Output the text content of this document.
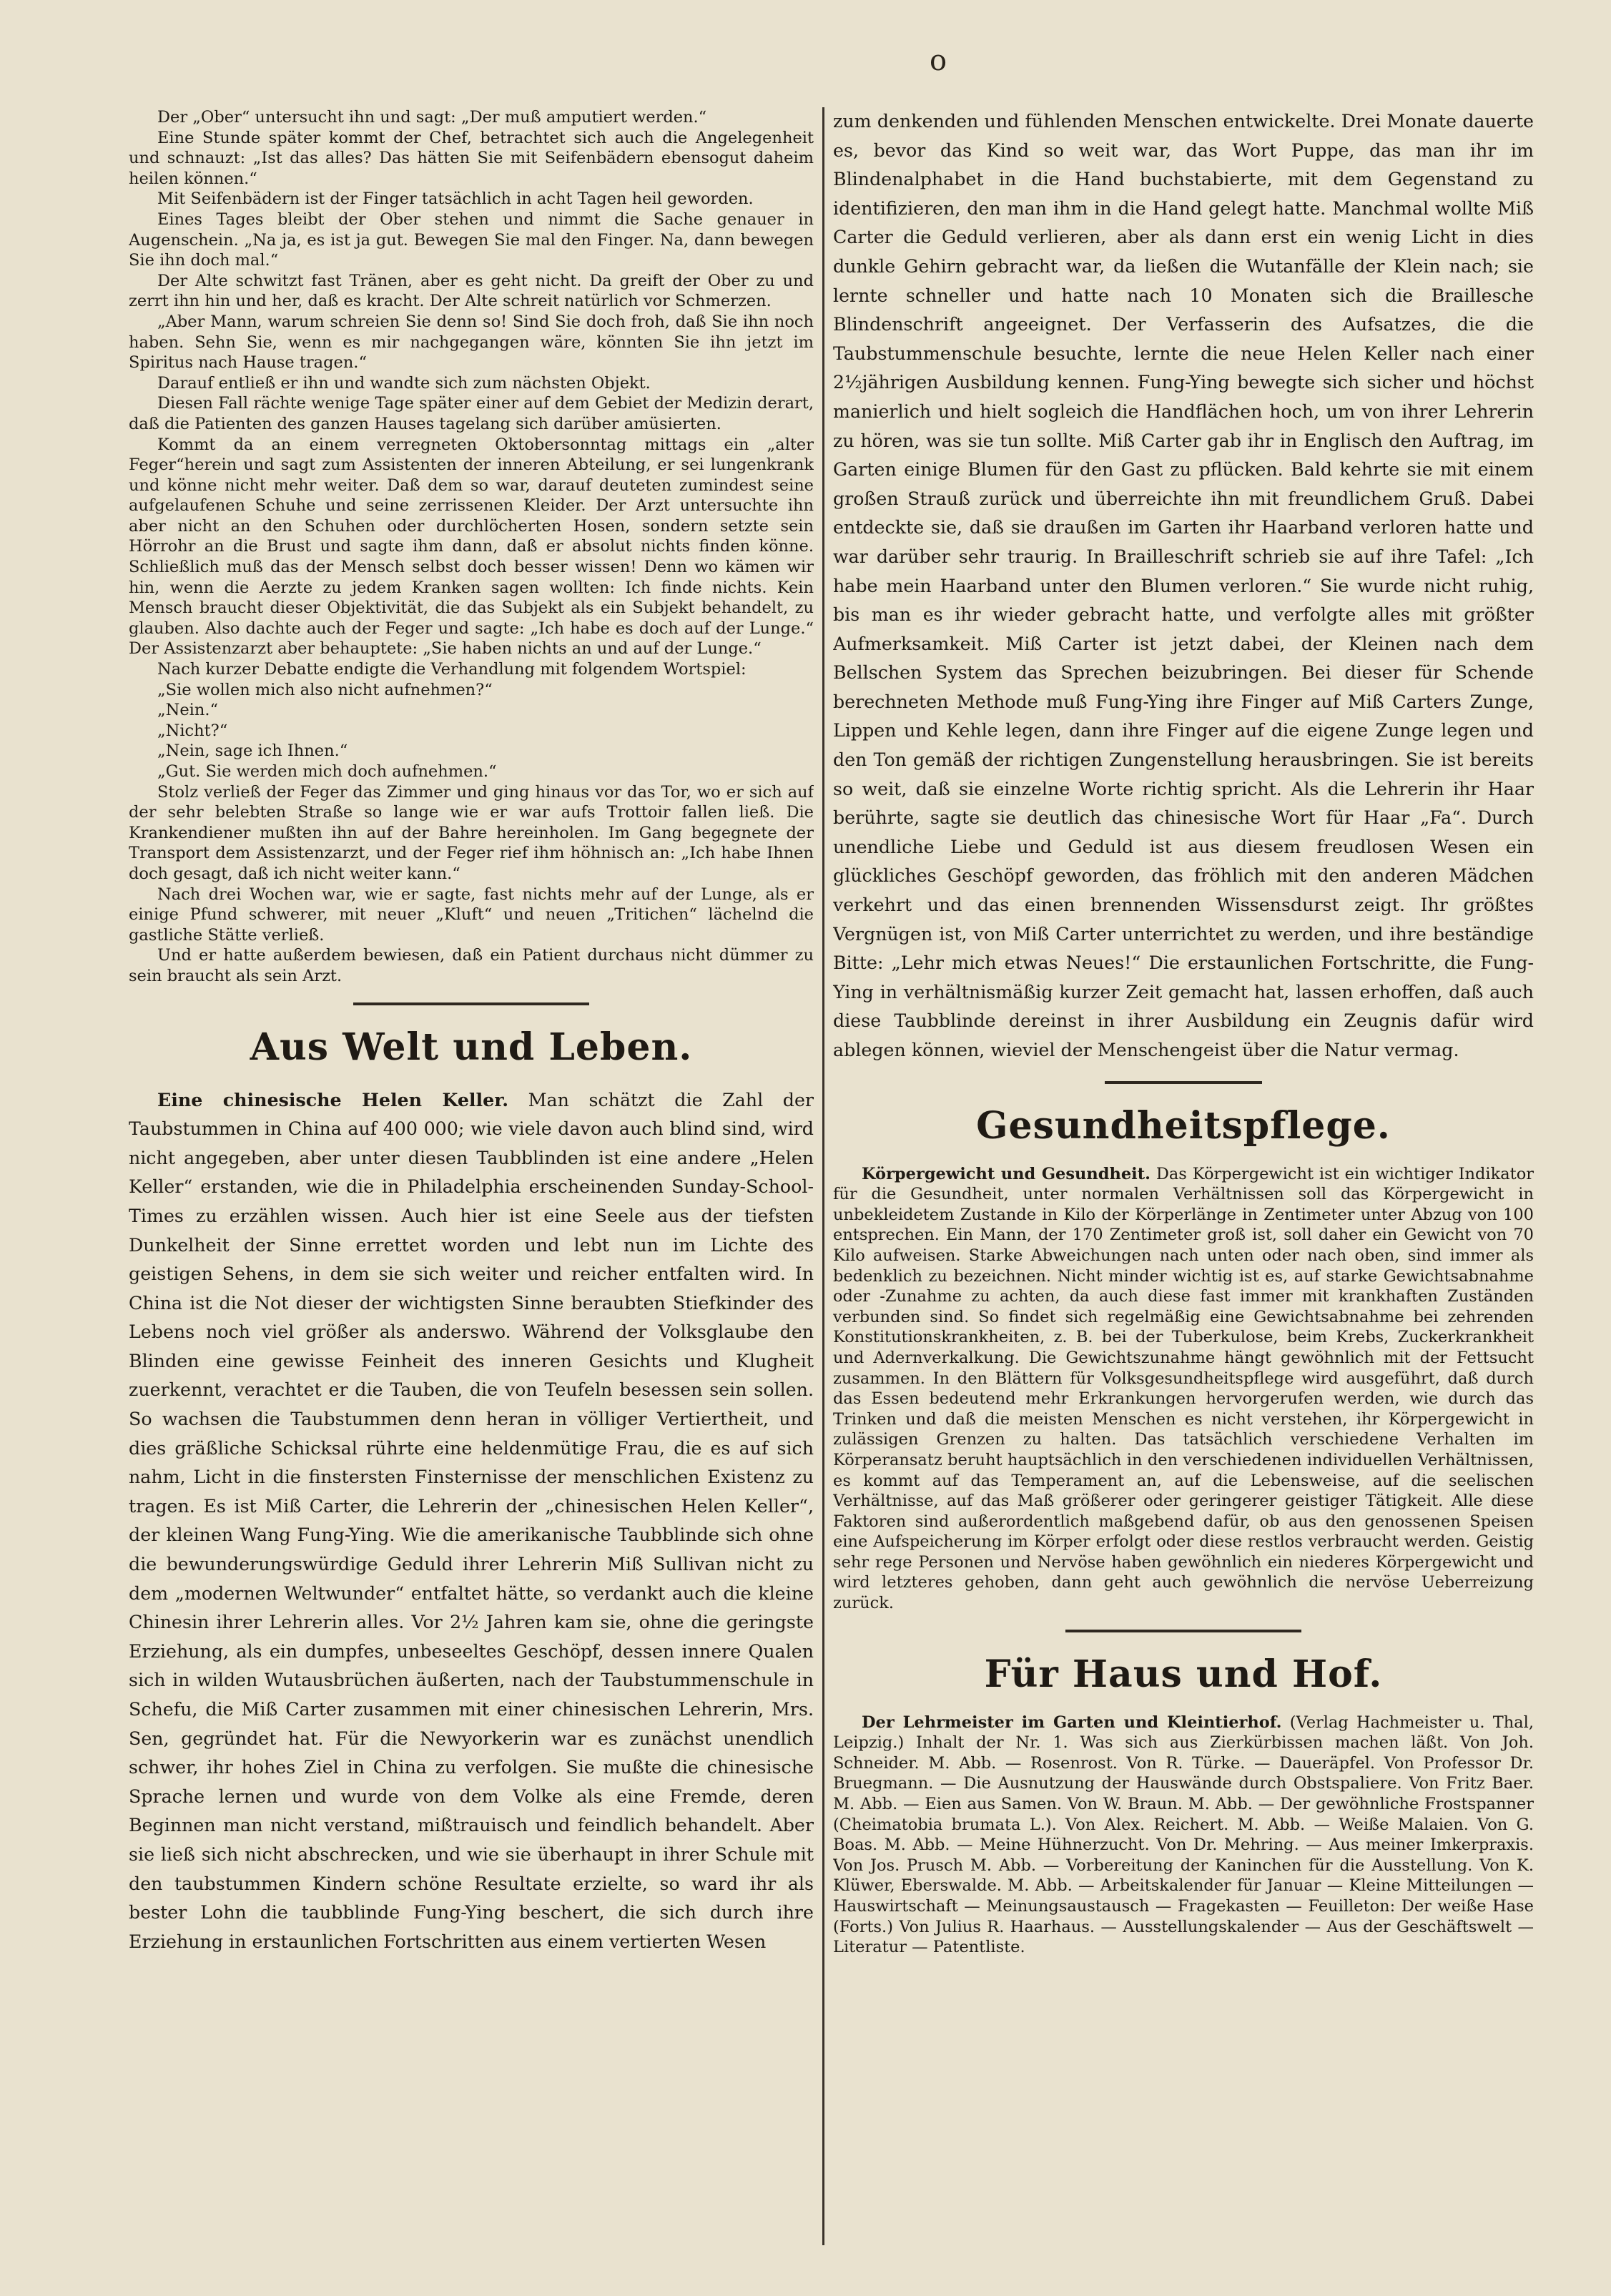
o

Der „Ober“ untersucht ihn und sagt: „Der muß amputiert werden.“

Eine Stunde später kommt der Chef, betrachtet sich auch die Angelegenheit und schnauzt: „Ist das alles? Das hätten Sie mit Seifenbädern ebensogut daheim heilen können.“

Mit Seifenbädern ist der Finger tatsächlich in acht Tagen heil geworden.

Eines Tages bleibt der Ober stehen und nimmt die Sache genauer in Augenschein. „Na ja, es ist ja gut. Bewegen Sie mal den Finger. Na, dann bewegen Sie ihn doch mal.“

Der Alte schwitzt fast Tränen, aber es geht nicht. Da greift der Ober zu und zerrt ihn hin und her, daß es kracht. Der Alte schreit natürlich vor Schmerzen.

„Aber Mann, warum schreien Sie denn so! Sind Sie doch froh, daß Sie ihn noch haben. Sehn Sie, wenn es mir nachgegangen wäre, könnten Sie ihn jetzt im Spiritus nach Hause tragen.“

Darauf entließ er ihn und wandte sich zum nächsten Objekt.

Diesen Fall rächte wenige Tage später einer auf dem Gebiet der Medizin derart, daß die Patienten des ganzen Hauses tagelang sich darüber amüsierten.

Kommt da an einem verregneten Oktobersonntag mittags ein „alter Feger“herein und sagt zum Assistenten der inneren Abteilung, er sei lungenkrank und könne nicht mehr weiter. Daß dem so war, darauf deuteten zumindest seine aufgelaufenen Schuhe und seine zerrissenen Kleider. Der Arzt untersuchte ihn aber nicht an den Schuhen oder durchlöcherten Hosen, sondern setzte sein Hörrohr an die Brust und sagte ihm dann, daß er absolut nichts finden könne. Schließlich muß das der Mensch selbst doch besser wissen! Denn wo kämen wir hin, wenn die Aerzte zu jedem Kranken sagen wollten: Ich finde nichts. Kein Mensch braucht dieser Objektivität, die das Subjekt als ein Subjekt behandelt, zu glauben. Also dachte auch der Feger und sagte: „Ich habe es doch auf der Lunge.“ Der Assistenzarzt aber behauptete: „Sie haben nichts an und auf der Lunge.“

Nach kurzer Debatte endigte die Verhandlung mit folgendem Wortspiel:

„Sie wollen mich also nicht aufnehmen?“

„Nein.“

„Nicht?“

„Nein, sage ich Ihnen.“

„Gut. Sie werden mich doch aufnehmen.“

Stolz verließ der Feger das Zimmer und ging hinaus vor das Tor, wo er sich auf der sehr belebten Straße so lange wie er war aufs Trottoir fallen ließ. Die Krankendiener mußten ihn auf der Bahre hereinholen. Im Gang begegnete der Transport dem Assistenzarzt, und der Feger rief ihm höhnisch an: „Ich habe Ihnen doch gesagt, daß ich nicht weiter kann.“

Nach drei Wochen war, wie er sagte, fast nichts mehr auf der Lunge, als er einige Pfund schwerer, mit neuer „Kluft“ und neuen „Tritichen“ lächelnd die gastliche Stätte verließ.

Und er hatte außerdem bewiesen, daß ein Patient durchaus nicht dümmer zu sein braucht als sein Arzt.

Aus Welt und Leben.

Eine chinesische Helen Keller. Man schätzt die Zahl der Taubstummen in China auf 400 000; wie viele davon auch blind sind, wird nicht angegeben, aber unter diesen Taubblinden ist eine andere „Helen Keller“ erstanden, wie die in Philadelphia erscheinenden Sunday-School-Times zu erzählen wissen. Auch hier ist eine Seele aus der tiefsten Dunkelheit der Sinne errettet worden und lebt nun im Lichte des geistigen Sehens, in dem sie sich weiter und reicher entfalten wird. In China ist die Not dieser der wichtigsten Sinne beraubten Stiefkinder des Lebens noch viel größer als anderswo. Während der Volksglaube den Blinden eine gewisse Feinheit des inneren Gesichts und Klugheit zuerkennt, verachtet er die Tauben, die von Teufeln besessen sein sollen. So wachsen die Taubstummen denn heran in völliger Vertiertheit, und dies gräßliche Schicksal rührte eine heldenmütige Frau, die es auf sich nahm, Licht in die finstersten Finsternisse der menschlichen Existenz zu tragen. Es ist Miß Carter, die Lehrerin der „chinesischen Helen Keller“, der kleinen Wang Fung-Ying. Wie die amerikanische Taubblinde sich ohne die bewunderungswürdige Geduld ihrer Lehrerin Miß Sullivan nicht zu dem „modernen Weltwunder“ entfaltet hätte, so verdankt auch die kleine Chinesin ihrer Lehrerin alles. Vor 2½ Jahren kam sie, ohne die geringste Erziehung, als ein dumpfes, unbeseeltes Geschöpf, dessen innere Qualen sich in wilden Wutausbrüchen äußerten, nach der Taubstummenschule in Schefu, die Miß Carter zusammen mit einer chinesischen Lehrerin, Mrs. Sen, gegründet hat. Für die Newyorkerin war es zunächst unendlich schwer, ihr hohes Ziel in China zu verfolgen. Sie mußte die chinesische Sprache lernen und wurde von dem Volke als eine Fremde, deren Beginnen man nicht verstand, mißtrauisch und feindlich behandelt. Aber sie ließ sich nicht abschrecken, und wie sie überhaupt in ihrer Schule mit den taubstummen Kindern schöne Resultate erzielte, so ward ihr als bester Lohn die taubblinde Fung-Ying beschert, die sich durch ihre Erziehung in erstaunlichen Fortschritten aus einem vertierten Wesen

zum denkenden und fühlenden Menschen entwickelte. Drei Monate dauerte es, bevor das Kind so weit war, das Wort Puppe, das man ihr im Blindenalphabet in die Hand buchstabierte, mit dem Gegenstand zu identifizieren, den man ihm in die Hand gelegt hatte. Manchmal wollte Miß Carter die Geduld verlieren, aber als dann erst ein wenig Licht in dies dunkle Gehirn gebracht war, da ließen die Wutanfälle der Klein nach; sie lernte schneller und hatte nach 10 Monaten sich die Braillesche Blindenschrift angeeignet. Der Verfasserin des Aufsatzes, die die Taubstummenschule besuchte, lernte die neue Helen Keller nach einer 2½jährigen Ausbildung kennen. Fung-Ying bewegte sich sicher und höchst manierlich und hielt sogleich die Handflächen hoch, um von ihrer Lehrerin zu hören, was sie tun sollte. Miß Carter gab ihr in Englisch den Auftrag, im Garten einige Blumen für den Gast zu pflücken. Bald kehrte sie mit einem großen Strauß zurück und überreichte ihn mit freundlichem Gruß. Dabei entdeckte sie, daß sie draußen im Garten ihr Haarband verloren hatte und war darüber sehr traurig. In Brailleschrift schrieb sie auf ihre Tafel: „Ich habe mein Haarband unter den Blumen verloren.“ Sie wurde nicht ruhig, bis man es ihr wieder gebracht hatte, und verfolgte alles mit größter Aufmerksamkeit. Miß Carter ist jetzt dabei, der Kleinen nach dem Bellschen System das Sprechen beizubringen. Bei dieser für Schende berechneten Methode muß Fung-Ying ihre Finger auf Miß Carters Zunge, Lippen und Kehle legen, dann ihre Finger auf die eigene Zunge legen und den Ton gemäß der richtigen Zungenstellung herausbringen. Sie ist bereits so weit, daß sie einzelne Worte richtig spricht. Als die Lehrerin ihr Haar berührte, sagte sie deutlich das chinesische Wort für Haar „Fa“. Durch unendliche Liebe und Geduld ist aus diesem freudlosen Wesen ein glückliches Geschöpf geworden, das fröhlich mit den anderen Mädchen verkehrt und das einen brennenden Wissensdurst zeigt. Ihr größtes Vergnügen ist, von Miß Carter unterrichtet zu werden, und ihre beständige Bitte: „Lehr mich etwas Neues!“ Die erstaunlichen Fortschritte, die Fung-Ying in verhältnismäßig kurzer Zeit gemacht hat, lassen erhoffen, daß auch diese Taubblinde dereinst in ihrer Ausbildung ein Zeugnis dafür wird ablegen können, wieviel der Menschengeist über die Natur vermag.

Gesundheitspflege.

Körpergewicht und Gesundheit. Das Körpergewicht ist ein wichtiger Indikator für die Gesundheit, unter normalen Verhältnissen soll das Körpergewicht in unbekleidetem Zustande in Kilo der Körperlänge in Zentimeter unter Abzug von 100 entsprechen. Ein Mann, der 170 Zentimeter groß ist, soll daher ein Gewicht von 70 Kilo aufweisen. Starke Abweichungen nach unten oder nach oben, sind immer als bedenklich zu bezeichnen. Nicht minder wichtig ist es, auf starke Gewichtsabnahme oder -Zunahme zu achten, da auch diese fast immer mit krankhaften Zuständen verbunden sind. So findet sich regelmäßig eine Gewichtsabnahme bei zehrenden Konstitutionskrankheiten, z. B. bei der Tuberkulose, beim Krebs, Zuckerkrankheit und Adernverkalkung. Die Gewichtszunahme hängt gewöhnlich mit der Fettsucht zusammen. In den Blättern für Volksgesundheitspflege wird ausgeführt, daß durch das Essen bedeutend mehr Erkrankungen hervorgerufen werden, wie durch das Trinken und daß die meisten Menschen es nicht verstehen, ihr Körpergewicht in zulässigen Grenzen zu halten. Das tatsächlich verschiedene Verhalten im Körperansatz beruht hauptsächlich in den verschiedenen individuellen Verhältnissen, es kommt auf das Temperament an, auf die Lebensweise, auf die seelischen Verhältnisse, auf das Maß größerer oder geringerer geistiger Tätigkeit. Alle diese Faktoren sind außerordentlich maßgebend dafür, ob aus den genossenen Speisen eine Aufspeicherung im Körper erfolgt oder diese restlos verbraucht werden. Geistig sehr rege Personen und Nervöse haben gewöhnlich ein niederes Körpergewicht und wird letzteres gehoben, dann geht auch gewöhnlich die nervöse Ueberreizung zurück.

Für Haus und Hof.

Der Lehrmeister im Garten und Kleintierhof. (Verlag Hachmeister u. Thal, Leipzig.) Inhalt der Nr. 1. Was sich aus Zierkürbissen machen läßt. Von Joh. Schneider. M. Abb. — Rosenrost. Von R. Türke. — Daueräpfel. Von Professor Dr. Bruegmann. — Die Ausnutzung der Hauswände durch Obstspaliere. Von Fritz Baer. M. Abb. — Eien aus Samen. Von W. Braun. M. Abb. — Der gewöhnliche Frostspanner (Cheimatobia brumata L.). Von Alex. Reichert. M. Abb. — Weiße Malaien. Von G. Boas. M. Abb. — Meine Hühnerzucht. Von Dr. Mehring. — Aus meiner Imkerpraxis. Von Jos. Prusch M. Abb. — Vorbereitung der Kaninchen für die Ausstellung. Von K. Klüwer, Eberswalde. M. Abb. — Arbeitskalender für Januar — Kleine Mitteilungen — Hauswirtschaft — Meinungsaustausch — Fragekasten — Feuilleton: Der weiße Hase (Forts.) Von Julius R. Haarhaus. — Ausstellungskalender — Aus der Geschäftswelt — Literatur — Patentliste.
